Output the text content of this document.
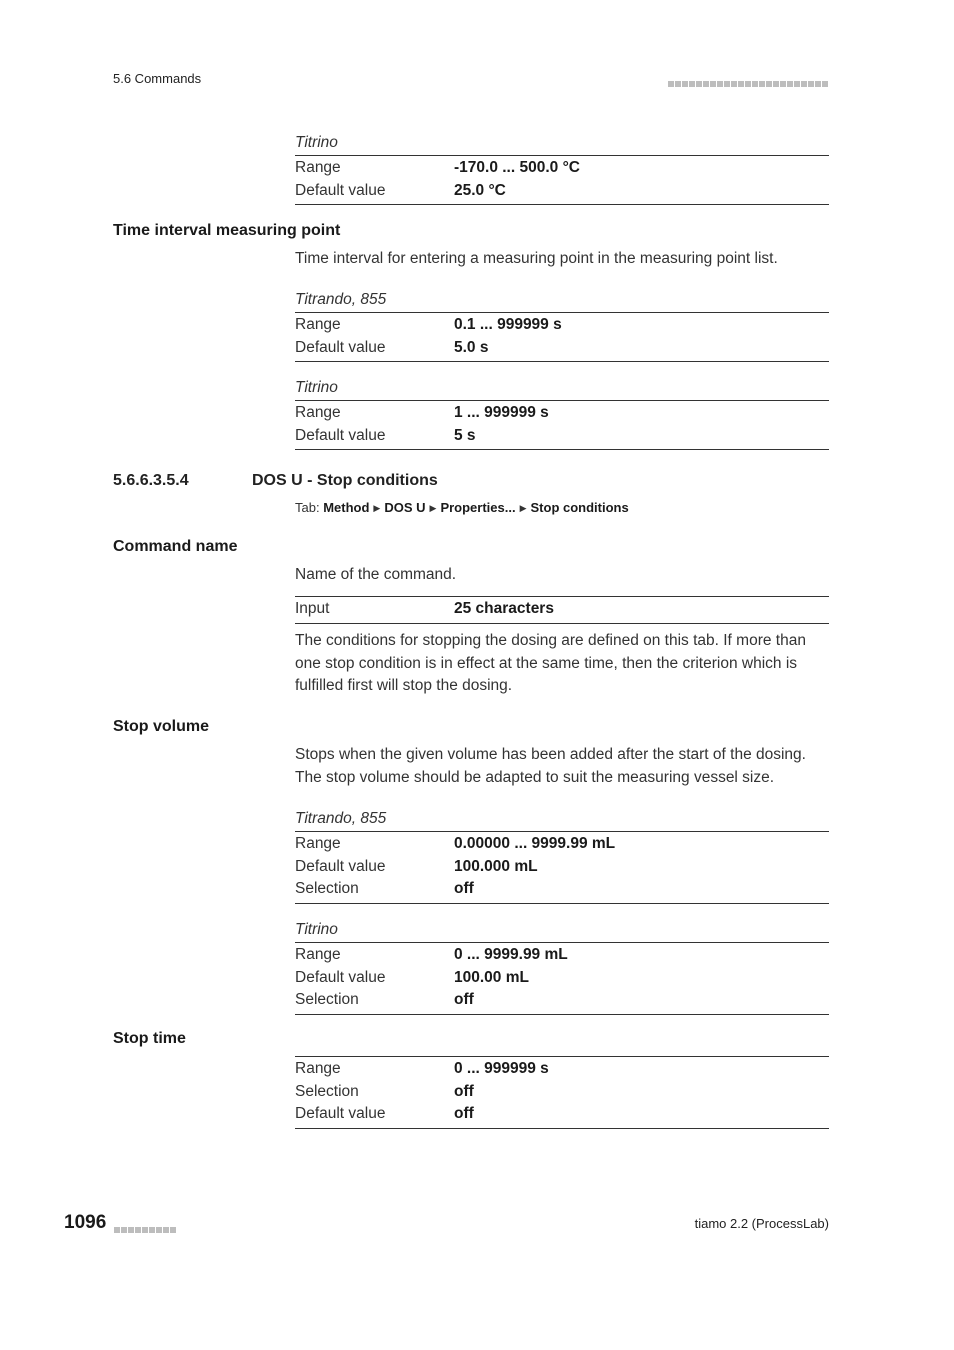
5.6 Commands
Titrino
Range	-170.0 ... 500.0 °C
Default value	25.0 °C
Time interval measuring point
Time interval for entering a measuring point in the measuring point list.
Titrando, 855
Range	0.1 ... 999999 s
Default value	5.0 s
Titrino
Range	1 ... 999999 s
Default value	5 s
5.6.6.3.5.4	DOS U - Stop conditions
Tab: Method ▶ DOS U ▶ Properties... ▶ Stop conditions
Command name
Name of the command.
Input	25 characters
The conditions for stopping the dosing are defined on this tab. If more than one stop condition is in effect at the same time, then the criterion which is fulfilled first will stop the dosing.
Stop volume
Stops when the given volume has been added after the start of the dosing. The stop volume should be adapted to suit the measuring vessel size.
Titrando, 855
Range	0.00000 ... 9999.99 mL
Default value	100.000 mL
Selection	off
Titrino
Range	0 ... 9999.99 mL
Default value	100.00 mL
Selection	off
Stop time
Range	0 ... 999999 s
Selection	off
Default value	off
1096	tiamo 2.2 (ProcessLab)
